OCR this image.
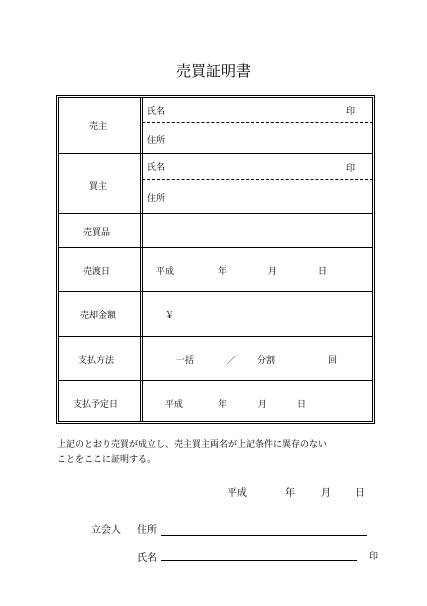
売買証明書
売主
氏名	印
住所
買主
氏名	印
住所
売買品
売渡日	平成	年	月	日
売却金額	￥
支払方法	一括	／ 分割	回
支払予定日	平成	年	月	日
上記のとおり売買が成立し、売主買主両名が上記条件に異存のない
ことをここに証明する。
平成	年	月 日
立会人 住所
氏名	印
